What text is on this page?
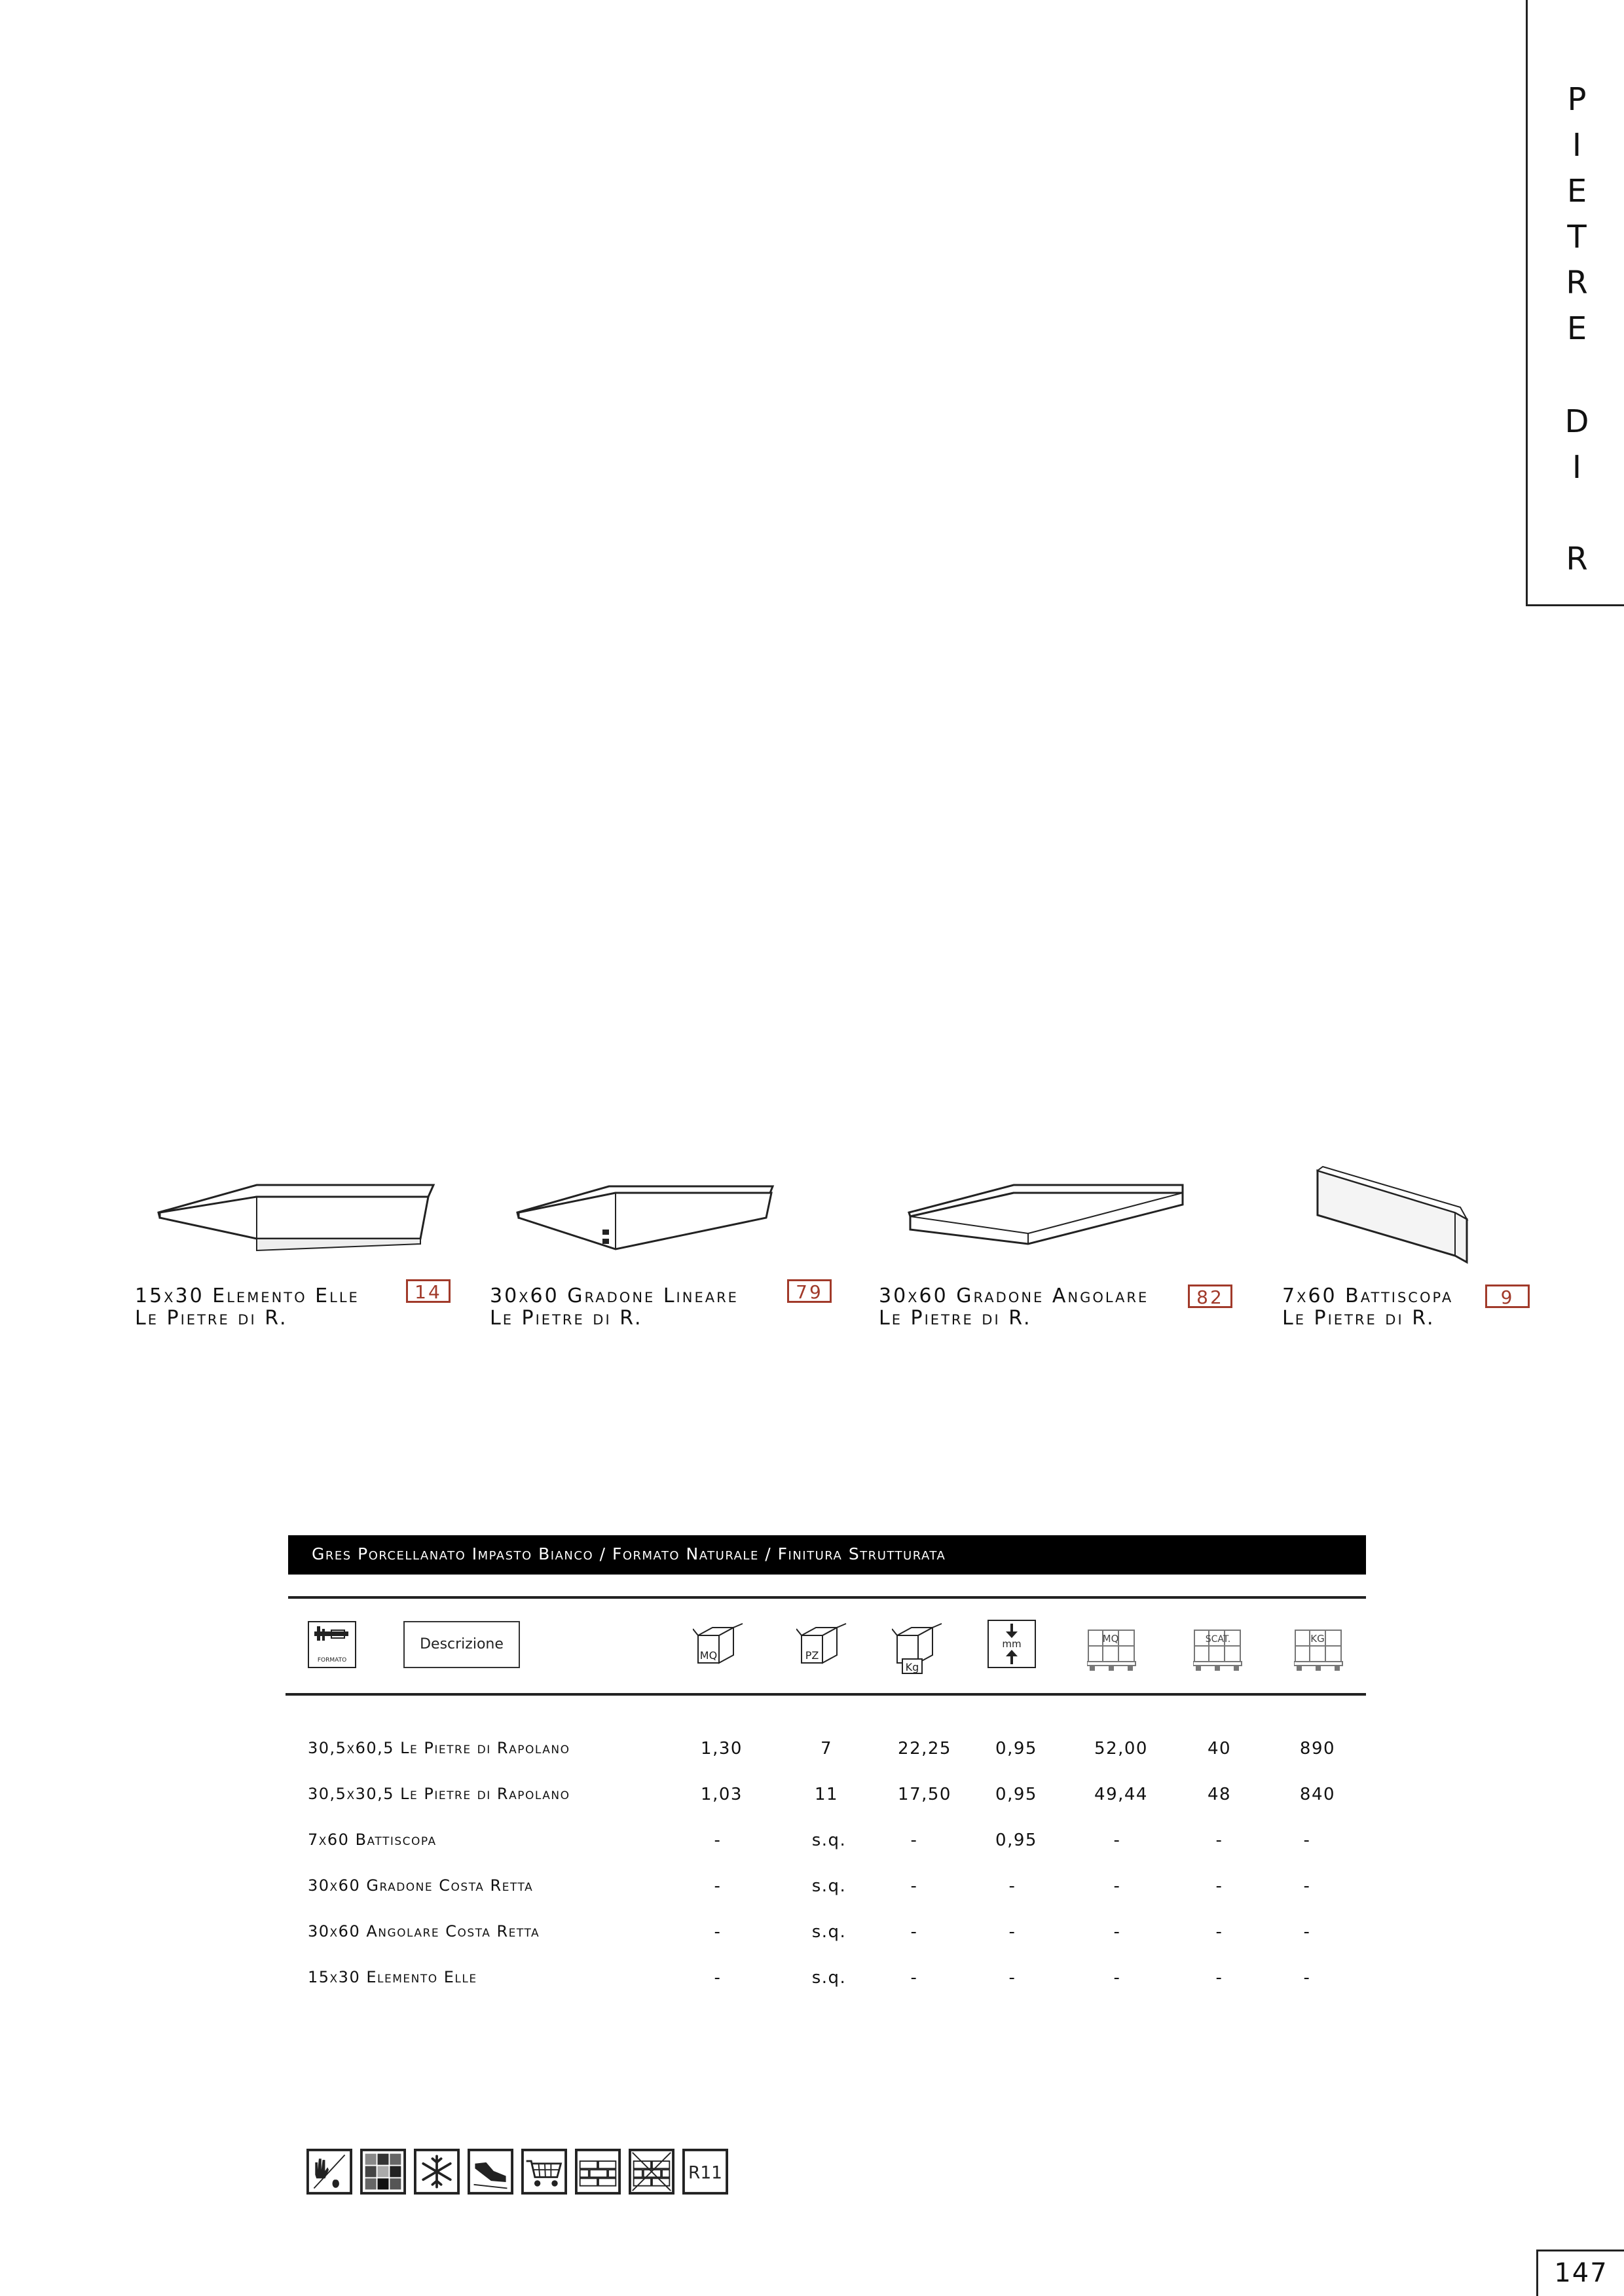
P
I
E
T
R
E
D
I
R
15x30 Elemento Elle
Le Pietre di R.
14	30x60 Gradone Lineare
Le Pietre di R.
79	30x60 Gradone Angolare
Le Pietre di R.
82	7x60 Battiscopa
Le Pietre di R.
9
Gres Porcellanato Impasto Bianco / Formato Naturale / Finitura Strutturata
FORMATO
Descrizione
MQ	PZ
Kg
mm	MQ	SCAT.	KG
30,5x60,5 Le Pietre di Rapolano	1,30	7	22,25	0,95	52,00	40	890
30,5x30,5 Le Pietre di Rapolano	1,03	11	17,50	0,95	49,44	48	840
7x60 Battiscopa	-	s.q.	-	0,95	-	-	-
30x60 Gradone Costa Retta	-	s.q.	-	-	-	-	-
30x60 Angolare Costa Retta	-	s.q.	-	-	-	-	-
15x30 Elemento Elle	-	s.q.	-	-	-	-	-
R11
147
